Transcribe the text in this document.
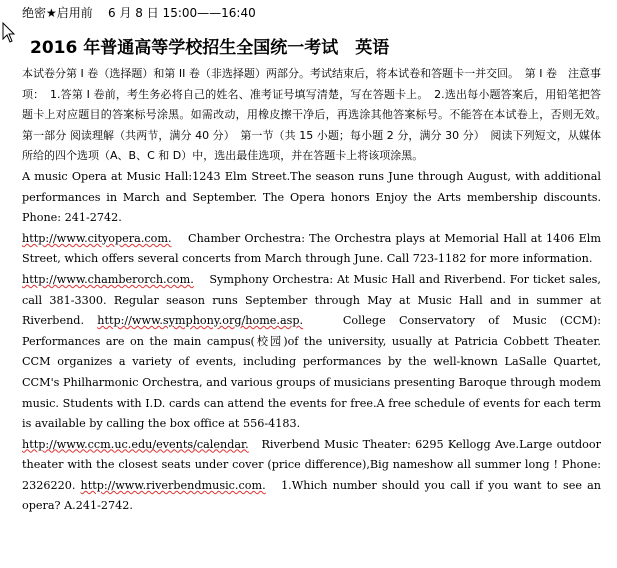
绝密★启用前 6 月 8 日 15:00——16:40
2016 年普通高等学校招生全国统一考试　英语

本试卷分第 I 卷（选择题）和第 II 卷（非选择题）两部分。考试结束后，将本试卷和答题卡一并交回。　第 I 卷　注意事项：　1.答第 I 卷前，考生务必将自己的姓名、准考证号填写清楚，写在答题卡上。　2.选出每小题答案后，用铅笔把答题卡上对应题目的答案标号涂黑。如需改动，用橡皮擦干净后，再选涂其他答案标号。不能答在本试卷上，否则无效。　第一部分 阅读理解（共两节，满分 40 分）　第一节（共 15 小题；每小题 2 分，满分 30 分）　阅读下列短文，从媒体所给的四个选项（A、B、C 和 D）中，选出最佳选项，并在答题卡上将该项涂黑。

A music Opera at Music Hall:1243 Elm Street.The season runs June through August, with additional performances in March and September. The Opera honors Enjoy the Arts membership discounts. Phone: 241-2742.

http://www.cityopera.com. Chamber Orchestra: The Orchestra plays at Memorial Hall at 1406 Elm Street, which offers several concerts from March through June. Call 723-1182 for more information.

http://www.chamberorch.com. Symphony Orchestra: At Music Hall and Riverbend. For ticket sales, call 381-3300. Regular season runs September through May at Music Hall and in summer at Riverbend. http://www.symphony.org/home.asp.	College Conservatory of Music (CCM): Performances are on the main campus(校园)of the university, usually at Patricia Cobbett Theater. CCM organizes a variety of events, including performances by the well-known LaSalle Quartet, CCM's Philharmonic Orchestra, and various groups of musicians presenting Baroque through modem music. Students with I.D. cards can attend the events for free.A free schedule of events for each term is available by calling the box office at 556-4183.

http://www.ccm.uc.edu/events/calendar. Riverbend Music Theater: 6295 Kellogg Ave.Large outdoor theater with the closest seats under cover (price difference),Big nameshow all summer long ! Phone: 2326220. http://www.riverbendmusic.com. 1.Which number should you call if you want to see an opera? A.241-2742.
